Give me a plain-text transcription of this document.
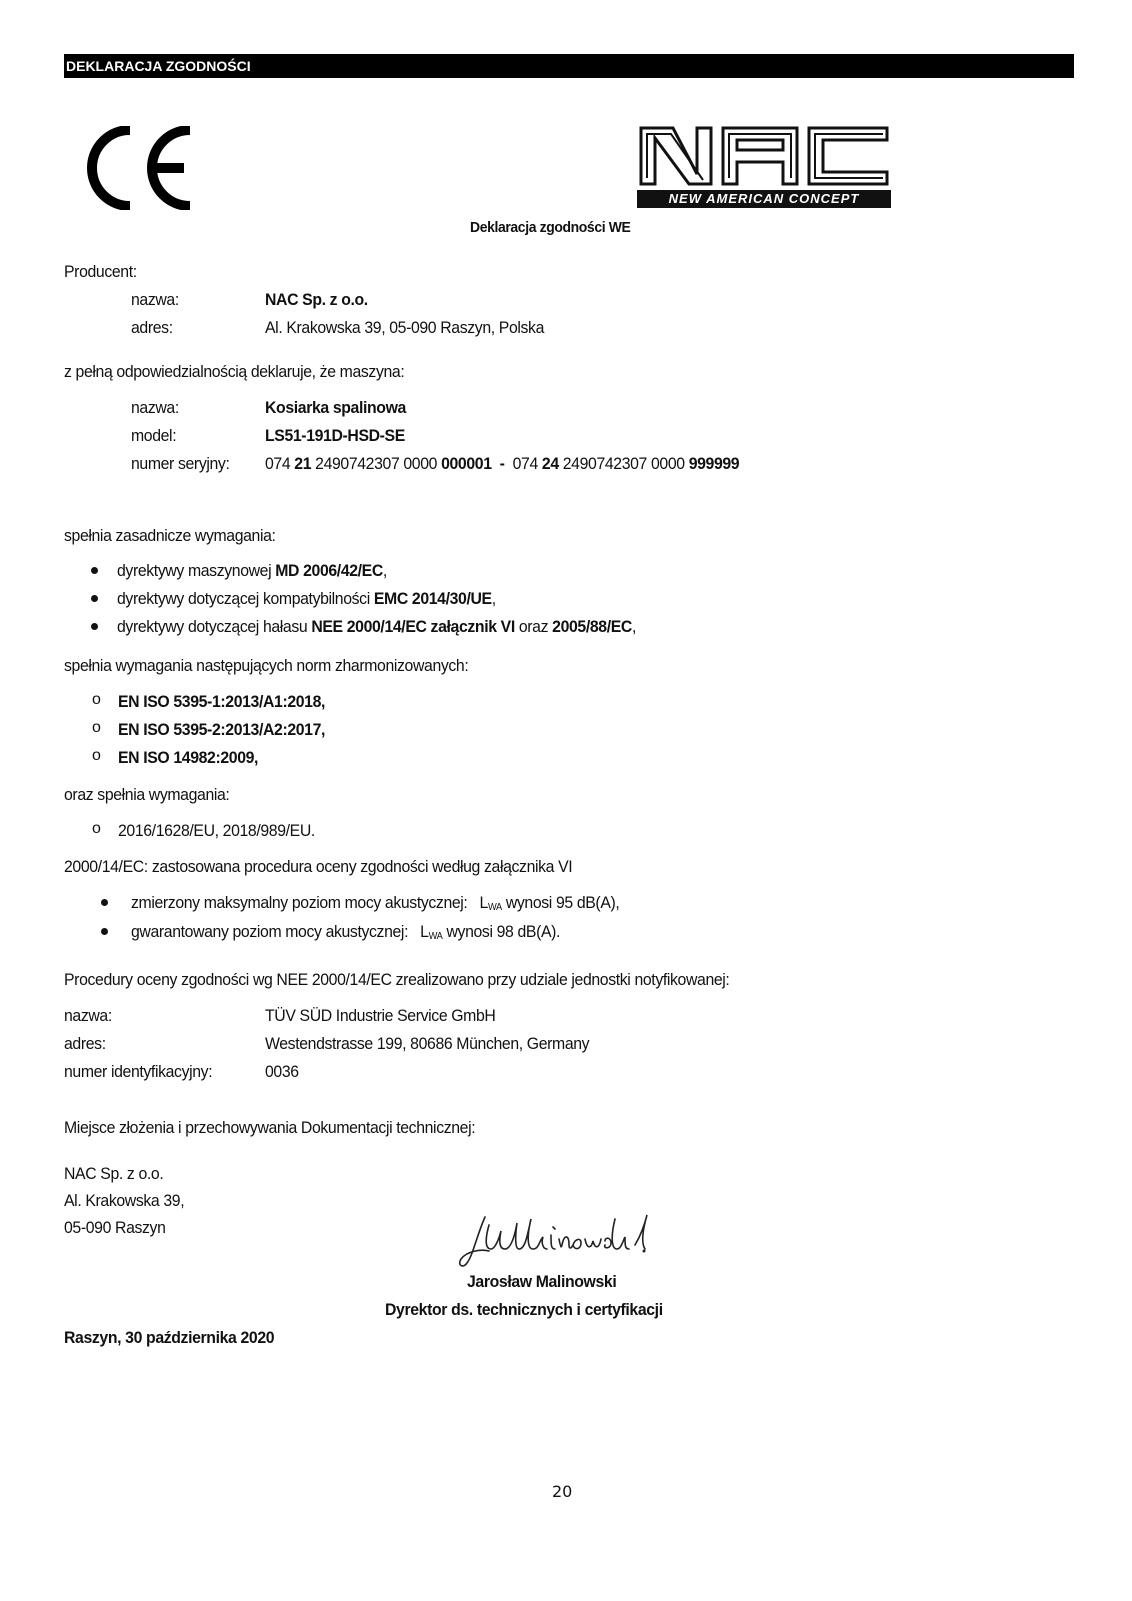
DEKLARACJA ZGODNOŚCI
NEW AMERICAN CONCEPT
Deklaracja zgodności WE
Producent:
nazwa:	NAC Sp. z o.o.
adres:	Al. Krakowska 39, 05-090 Raszyn, Polska
z pełną odpowiedzialnością deklaruje, że maszyna:
nazwa:	Kosiarka spalinowa
model:	LS51-191D-HSD-SE
numer seryjny: 074 21 2490742307 0000 000001  -  074 24 2490742307 0000 999999
spełnia zasadnicze wymagania:
dyrektywy maszynowej MD 2006/42/EC,
dyrektywy dotyczącej kompatybilności EMC 2014/30/UE,
dyrektywy dotyczącej hałasu NEE 2000/14/EC załącznik VI oraz 2005/88/EC,
spełnia wymagania następujących norm zharmonizowanych:
o EN ISO 5395-1:2013/A1:2018,
o EN ISO 5395-2:2013/A2:2017,
o EN ISO 14982:2009,
oraz spełnia wymagania:
o 2016/1628/EU, 2018/989/EU.
2000/14/EC: zastosowana procedura oceny zgodności według załącznika VI
zmierzony maksymalny poziom mocy akustycznej:   $L_{WA}$ wynosi 95 dB(A),
gwarantowany poziom mocy akustycznej:   $L_{WA}$ wynosi 98 dB(A).
Procedury oceny zgodności wg NEE 2000/14/EC zrealizowano przy udziale jednostki notyfikowanej:
nazwa:	TÜV SÜD Industrie Service GmbH
adres:	Westendstrasse 199, 80686 München, Germany
numer identyfikacyjny:	0036
Miejsce złożenia i przechowywania Dokumentacji technicznej:
NAC Sp. z o.o.
Al. Krakowska 39,
05-090 Raszyn
Jarosław Malinowski
Dyrektor ds. technicznych i certyfikacji
Raszyn, 30 października 2020
20
